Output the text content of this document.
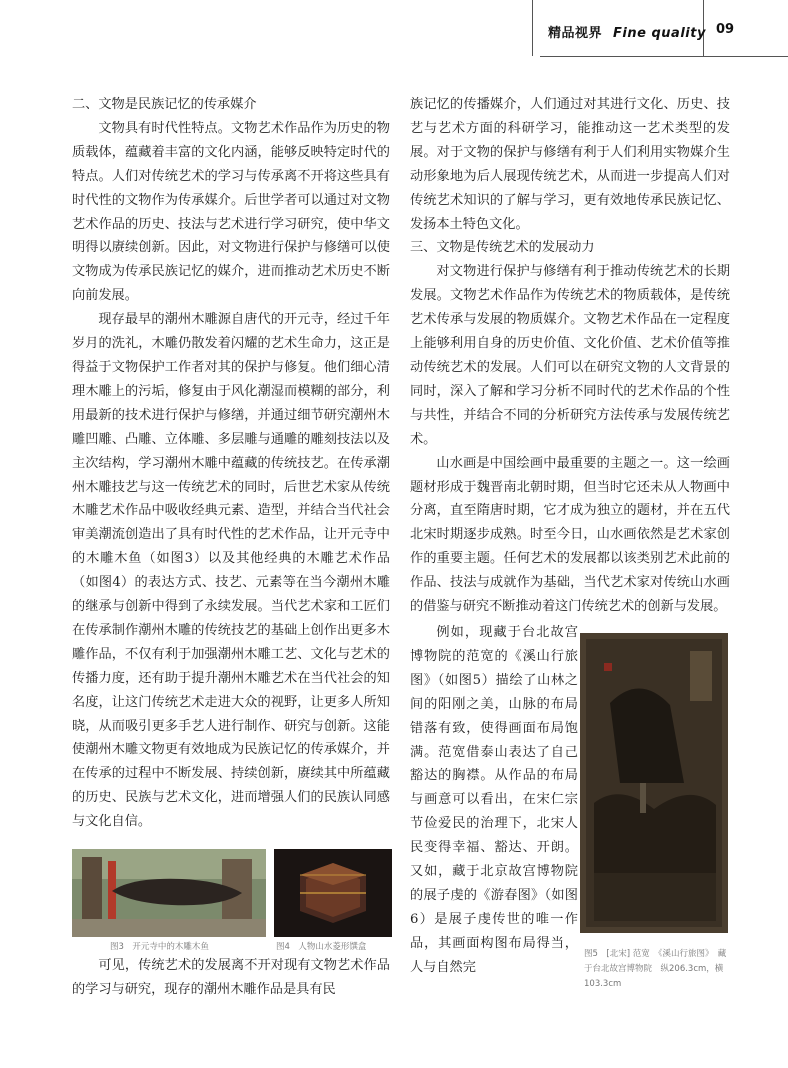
精品视界 Fine quality 09
二、文物是民族记忆的传承媒介

文物具有时代性特点。文物艺术作品作为历史的物质载体，蕴藏着丰富的文化内涵，能够反映特定时代的特点。人们对传统艺术的学习与传承离不开将这些具有时代性的文物作为传承媒介。后世学者可以通过对文物艺术作品的历史、技法与艺术进行学习研究，使中华文明得以赓续创新。因此，对文物进行保护与修缮可以使文物成为传承民族记忆的媒介，进而推动艺术历史不断向前发展。

现存最早的潮州木雕源自唐代的开元寺，经过千年岁月的洗礼，木雕仍散发着闪耀的艺术生命力，这正是得益于文物保护工作者对其的保护与修复。他们细心清理木雕上的污垢，修复由于风化潮湿而模糊的部分，利用最新的技术进行保护与修缮，并通过细节研究潮州木雕凹雕、凸雕、立体雕、多层雕与通雕的雕刻技法以及主次结构，学习潮州木雕中蕴藏的传统技艺。在传承潮州木雕技艺与这一传统艺术的同时，后世艺术家从传统木雕艺术作品中吸收经典元素、造型，并结合当代社会审美潮流创造出了具有时代性的艺术作品，让开元寺中的木雕木鱼（如图3）以及其他经典的木雕艺术作品（如图4）的表达方式、技艺、元素等在当今潮州木雕的继承与创新中得到了永续发展。当代艺术家和工匠们在传承制作潮州木雕的传统技艺的基础上创作出更多木雕作品，不仅有利于加强潮州木雕工艺、文化与艺术的传播力度，还有助于提升潮州木雕艺术在当代社会的知名度，让这门传统艺术走进大众的视野，让更多人所知晓，从而吸引更多手艺人进行制作、研究与创新。这能使潮州木雕文物更有效地成为民族记忆的传承媒介，并在传承的过程中不断发展、持续创新，赓续其中所蕴藏的历史、民族与艺术文化，进而增强人们的民族认同感与文化自信。

图3　开元寺中的木雕木鱼	图4　人物山水菱形馔盒

可见，传统艺术的发展离不开对现有文物艺术作品的学习与研究，现存的潮州木雕作品是具有民

族记忆的传播媒介，人们通过对其进行文化、历史、技艺与艺术方面的科研学习，能推动这一艺术类型的发展。对于文物的保护与修缮有利于人们利用实物媒介生动形象地为后人展现传统艺术，从而进一步提高人们对传统艺术知识的了解与学习，更有效地传承民族记忆、发扬本土特色文化。
三、文物是传统艺术的发展动力

对文物进行保护与修缮有利于推动传统艺术的长期发展。文物艺术作品作为传统艺术的物质载体，是传统艺术传承与发展的物质媒介。文物艺术作品在一定程度上能够利用自身的历史价值、文化价值、艺术价值等推动传统艺术的发展。人们可以在研究文物的人文背景的同时，深入了解和学习分析不同时代的艺术作品的个性与共性，并结合不同的分析研究方法传承与发展传统艺术。

山水画是中国绘画中最重要的主题之一。这一绘画题材形成于魏晋南北朝时期，但当时它还未从人物画中分离，直至隋唐时期，它才成为独立的题材，并在五代北宋时期逐步成熟。时至今日，山水画依然是艺术家创作的重要主题。任何艺术的发展都以该类别艺术此前的作品、技法与成就作为基础，当代艺术家对传统山水画的借鉴与研究不断推动着这门传统艺术的创新与发展。

例如，现藏于台北故宫博物院的范宽的《溪山行旅图》（如图5）描绘了山林之间的阳刚之美，山脉的布局错落有致，使得画面布局饱满。范宽借泰山表达了自己豁达的胸襟。从作品的布局与画意可以看出，在宋仁宗节俭爱民的治理下，北宋人民变得幸福、豁达、开朗。又如，藏于北京故宫博物院的展子虔的《游春图》（如图6）是展子虔传世的唯一作品，其画面构图布局得当，人与自然完

图5　[北宋] 范宽　《溪山行旅图》　藏于台北故宫博物院　纵206.3cm，横103.3cm
